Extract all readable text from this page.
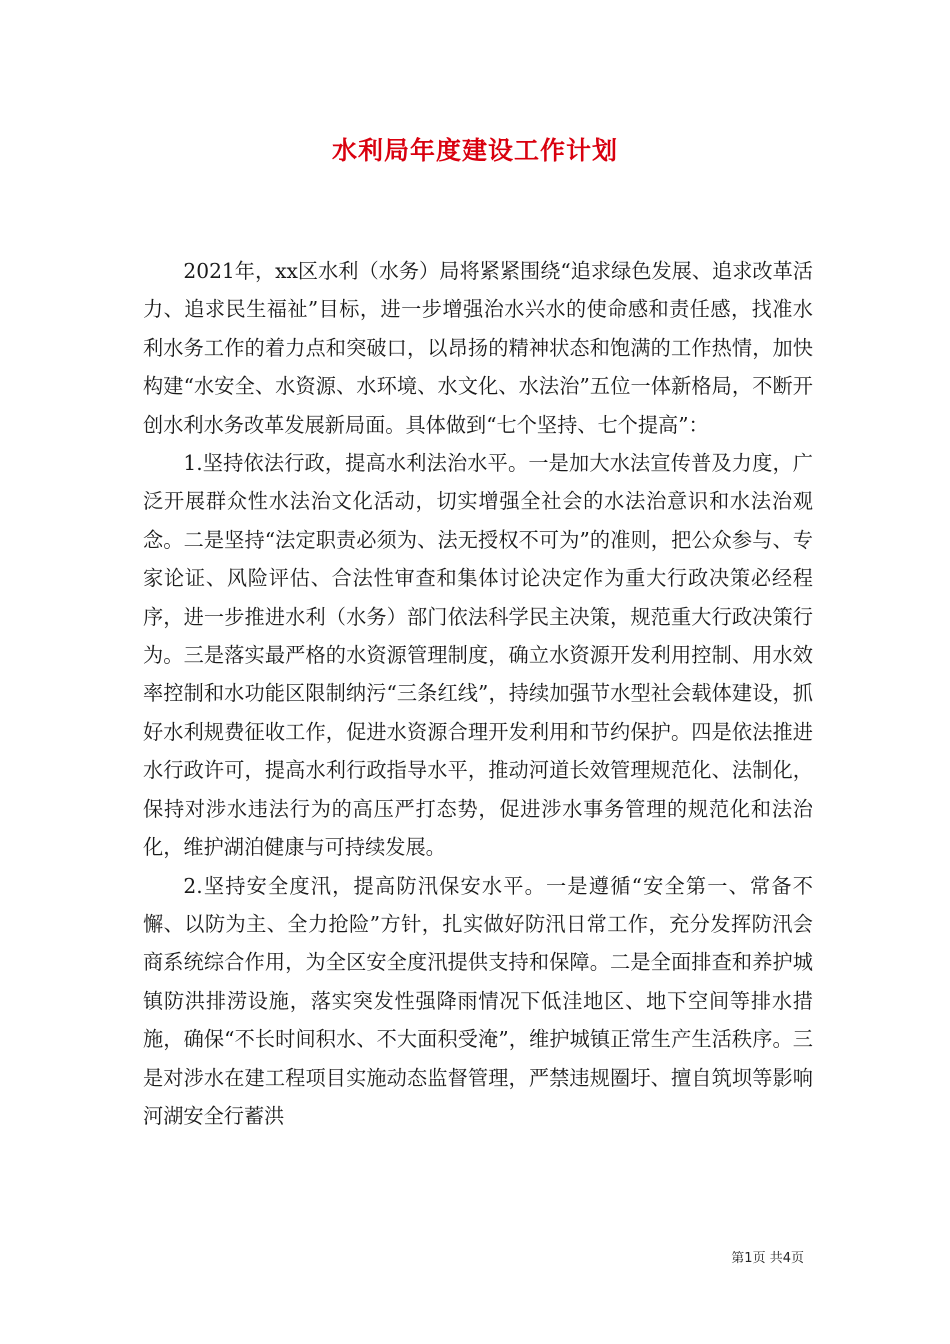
水利局年度建设工作计划

2021年，xx区水利（水务）局将紧紧围绕“追求绿色发展、追求改革活力、追求民生福祉”目标，进一步增强治水兴水的使命感和责任感，找准水利水务工作的着力点和突破口，以昂扬的精神状态和饱满的工作热情，加快构建“水安全、水资源、水环境、水文化、水法治”五位一体新格局，不断开创水利水务改革发展新局面。具体做到“七个坚持、七个提高”：

1.坚持依法行政，提高水利法治水平。一是加大水法宣传普及力度，广泛开展群众性水法治文化活动，切实增强全社会的水法治意识和水法治观念。二是坚持“法定职责必须为、法无授权不可为”的准则，把公众参与、专家论证、风险评估、合法性审查和集体讨论决定作为重大行政决策必经程序，进一步推进水利（水务）部门依法科学民主决策，规范重大行政决策行为。三是落实最严格的水资源管理制度，确立水资源开发利用控制、用水效率控制和水功能区限制纳污“三条红线”，持续加强节水型社会载体建设，抓好水利规费征收工作，促进水资源合理开发利用和节约保护。四是依法推进水行政许可，提高水利行政指导水平，推动河道长效管理规范化、法制化，保持对涉水违法行为的高压严打态势，促进涉水事务管理的规范化和法治化，维护湖泊健康与可持续发展。

2.坚持安全度汛，提高防汛保安水平。一是遵循“安全第一、常备不懈、以防为主、全力抢险”方针，扎实做好防汛日常工作，充分发挥防汛会商系统综合作用，为全区安全度汛提供支持和保障。二是全面排查和养护城镇防洪排涝设施，落实突发性强降雨情况下低洼地区、地下空间等排水措施，确保“不长时间积水、不大面积受淹”，维护城镇正常生产生活秩序。三是对涉水在建工程项目实施动态监督管理，严禁违规圈圩、擅自筑坝等影响河湖安全行蓄洪

第1页 共4页
